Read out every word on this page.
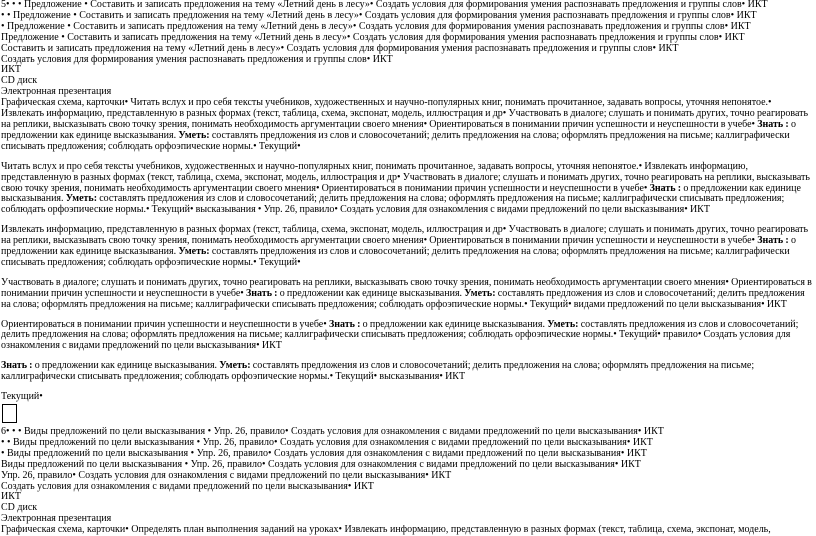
5• • • Предложение • Составить и записать предложения на тему «Летний день в лесу»• Создать условия для формирования умения распознавать предложения и группы слов• ИКТ
• • Предложение • Составить и записать предложения на тему «Летний день в лесу»• Создать условия для формирования умения распознавать предложения и группы слов• ИКТ
• Предложение • Составить и записать предложения на тему «Летний день в лесу»• Создать условия для формирования умения распознавать предложения и группы слов• ИКТ
Предложение • Составить и записать предложения на тему «Летний день в лесу»• Создать условия для формирования умения распознавать предложения и группы слов• ИКТ
Составить и записать предложения на тему «Летний день в лесу»• Создать условия для формирования умения распознавать предложения и группы слов• ИКТ
Создать условия для формирования умения распознавать предложения и группы слов• ИКТ
ИКТ
CD диск
Электронная презентация

Графическая схема, карточки• Читать вслух и про себя тексты учебников, художественных и научно-популярных книг, понимать прочитанное, задавать вопросы, уточняя непонятое.• Извлекать информацию, представленную в разных формах (текст, таблица, схема, экспонат, модель, иллюстрация и др• Участвовать в диалоге; слушать и понимать других, точно реагировать на реплики, высказывать свою точку зрения, понимать необходимость аргументации своего мнения• Ориентироваться в понимании причин успешности и неуспешности в учебе• Знать : о предложении как единице высказывания. Уметь: составлять предложения из слов и словосочетаний; делить предложения на слова; оформлять предложения на письме; каллиграфически списывать предложения; соблюдать орфоэпические нормы.• Текущий•

Читать вслух и про себя тексты учебников, художественных и научно-популярных книг, понимать прочитанное, задавать вопросы, уточняя непонятое.• Извлекать информацию, представленную в разных формах (текст, таблица, схема, экспонат, модель, иллюстрация и др• Участвовать в диалоге; слушать и понимать других, точно реагировать на реплики, высказывать свою точку зрения, понимать необходимость аргументации своего мнения• Ориентироваться в понимании причин успешности и неуспешности в учебе• Знать : о предложении как единице высказывания. Уметь: составлять предложения из слов и словосочетаний; делить предложения на слова; оформлять предложения на письме; каллиграфически списывать предложения; соблюдать орфоэпические нормы.• Текущий• высказывания • Упр. 26, правило• Создать условия для ознакомления с видами предложений по цели высказывания• ИКТ

Извлекать информацию, представленную в разных формах (текст, таблица, схема, экспонат, модель, иллюстрация и др• Участвовать в диалоге; слушать и понимать других, точно реагировать на реплики, высказывать свою точку зрения, понимать необходимость аргументации своего мнения• Ориентироваться в понимании причин успешности и неуспешности в учебе• Знать : о предложении как единице высказывания. Уметь: составлять предложения из слов и словосочетаний; делить предложения на слова; оформлять предложения на письме; каллиграфически списывать предложения; соблюдать орфоэпические нормы.• Текущий•

Участвовать в диалоге; слушать и понимать других, точно реагировать на реплики, высказывать свою точку зрения, понимать необходимость аргументации своего мнения• Ориентироваться в понимании причин успешности и неуспешности в учебе• Знать : о предложении как единице высказывания. Уметь: составлять предложения из слов и словосочетаний; делить предложения на слова; оформлять предложения на письме; каллиграфически списывать предложения; соблюдать орфоэпические нормы.• Текущий• видами предложений по цели высказывания• ИКТ

Ориентироваться в понимании причин успешности и неуспешности в учебе• Знать : о предложении как единице высказывания. Уметь: составлять предложения из слов и словосочетаний; делить предложения на слова; оформлять предложения на письме; каллиграфически списывать предложения; соблюдать орфоэпические нормы.• Текущий• правило• Создать условия для ознакомления с видами предложений по цели высказывания• ИКТ

Знать : о предложении как единице высказывания. Уметь: составлять предложения из слов и словосочетаний; делить предложения на слова; оформлять предложения на письме; каллиграфически списывать предложения; соблюдать орфоэпические нормы.• Текущий• высказывания• ИКТ

Текущий•
6• • • Виды предложений по цели высказывания • Упр. 26, правило• Создать условия для ознакомления с видами предложений по цели высказывания• ИКТ
• • Виды предложений по цели высказывания • Упр. 26, правило• Создать условия для ознакомления с видами предложений по цели высказывания• ИКТ
• Виды предложений по цели высказывания • Упр. 26, правило• Создать условия для ознакомления с видами предложений по цели высказывания• ИКТ
Виды предложений по цели высказывания • Упр. 26, правило• Создать условия для ознакомления с видами предложений по цели высказывания• ИКТ
Упр. 26, правило• Создать условия для ознакомления с видами предложений по цели высказывания• ИКТ
Создать условия для ознакомления с видами предложений по цели высказывания• ИКТ
ИКТ
CD диск
Электронная презентация
Графическая схема, карточки• Определять план выполнения заданий на уроках• Извлекать информацию, представленную в разных формах (текст, таблица, схема, экспонат, модель,
